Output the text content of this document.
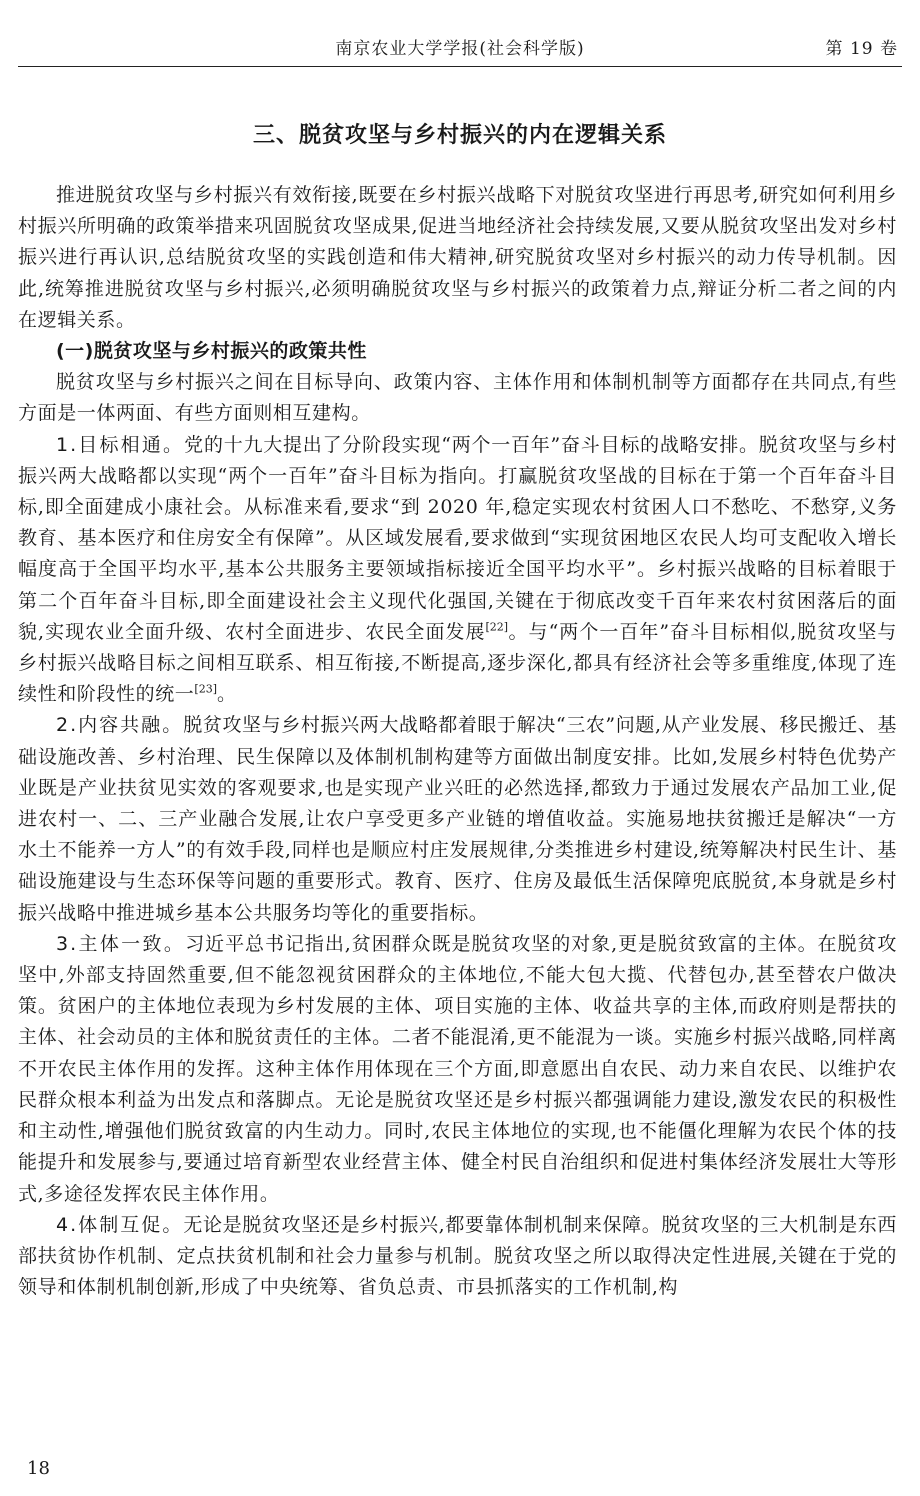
南京农业大学学报(社会科学版)	第 19 卷
三、脱贫攻坚与乡村振兴的内在逻辑关系

推进脱贫攻坚与乡村振兴有效衔接,既要在乡村振兴战略下对脱贫攻坚进行再思考,研究如何利用乡村振兴所明确的政策举措来巩固脱贫攻坚成果,促进当地经济社会持续发展,又要从脱贫攻坚出发对乡村振兴进行再认识,总结脱贫攻坚的实践创造和伟大精神,研究脱贫攻坚对乡村振兴的动力传导机制。因此,统筹推进脱贫攻坚与乡村振兴,必须明确脱贫攻坚与乡村振兴的政策着力点,辩证分析二者之间的内在逻辑关系。

(一)脱贫攻坚与乡村振兴的政策共性

脱贫攻坚与乡村振兴之间在目标导向、政策内容、主体作用和体制机制等方面都存在共同点,有些方面是一体两面、有些方面则相互建构。

1.目标相通。党的十九大提出了分阶段实现“两个一百年”奋斗目标的战略安排。脱贫攻坚与乡村振兴两大战略都以实现“两个一百年”奋斗目标为指向。打赢脱贫攻坚战的目标在于第一个百年奋斗目标,即全面建成小康社会。从标准来看,要求“到 2020 年,稳定实现农村贫困人口不愁吃、不愁穿,义务教育、基本医疗和住房安全有保障”。从区域发展看,要求做到“实现贫困地区农民人均可支配收入增长幅度高于全国平均水平,基本公共服务主要领域指标接近全国平均水平”。乡村振兴战略的目标着眼于第二个百年奋斗目标,即全面建设社会主义现代化强国,关键在于彻底改变千百年来农村贫困落后的面貌,实现农业全面升级、农村全面进步、农民全面发展[22]。与“两个一百年”奋斗目标相似,脱贫攻坚与乡村振兴战略目标之间相互联系、相互衔接,不断提高,逐步深化,都具有经济社会等多重维度,体现了连续性和阶段性的统一[23]。

2.内容共融。脱贫攻坚与乡村振兴两大战略都着眼于解决“三农”问题,从产业发展、移民搬迁、基础设施改善、乡村治理、民生保障以及体制机制构建等方面做出制度安排。比如,发展乡村特色优势产业既是产业扶贫见实效的客观要求,也是实现产业兴旺的必然选择,都致力于通过发展农产品加工业,促进农村一、二、三产业融合发展,让农户享受更多产业链的增值收益。实施易地扶贫搬迁是解决“一方水土不能养一方人”的有效手段,同样也是顺应村庄发展规律,分类推进乡村建设,统筹解决村民生计、基础设施建设与生态环保等问题的重要形式。教育、医疗、住房及最低生活保障兜底脱贫,本身就是乡村振兴战略中推进城乡基本公共服务均等化的重要指标。

3.主体一致。习近平总书记指出,贫困群众既是脱贫攻坚的对象,更是脱贫致富的主体。在脱贫攻坚中,外部支持固然重要,但不能忽视贫困群众的主体地位,不能大包大揽、代替包办,甚至替农户做决策。贫困户的主体地位表现为乡村发展的主体、项目实施的主体、收益共享的主体,而政府则是帮扶的主体、社会动员的主体和脱贫责任的主体。二者不能混淆,更不能混为一谈。实施乡村振兴战略,同样离不开农民主体作用的发挥。这种主体作用体现在三个方面,即意愿出自农民、动力来自农民、以维护农民群众根本利益为出发点和落脚点。无论是脱贫攻坚还是乡村振兴都强调能力建设,激发农民的积极性和主动性,增强他们脱贫致富的内生动力。同时,农民主体地位的实现,也不能僵化理解为农民个体的技能提升和发展参与,要通过培育新型农业经营主体、健全村民自治组织和促进村集体经济发展壮大等形式,多途径发挥农民主体作用。

4.体制互促。无论是脱贫攻坚还是乡村振兴,都要靠体制机制来保障。脱贫攻坚的三大机制是东西部扶贫协作机制、定点扶贫机制和社会力量参与机制。脱贫攻坚之所以取得决定性进展,关键在于党的领导和体制机制创新,形成了中央统筹、省负总责、市县抓落实的工作机制,构

18
